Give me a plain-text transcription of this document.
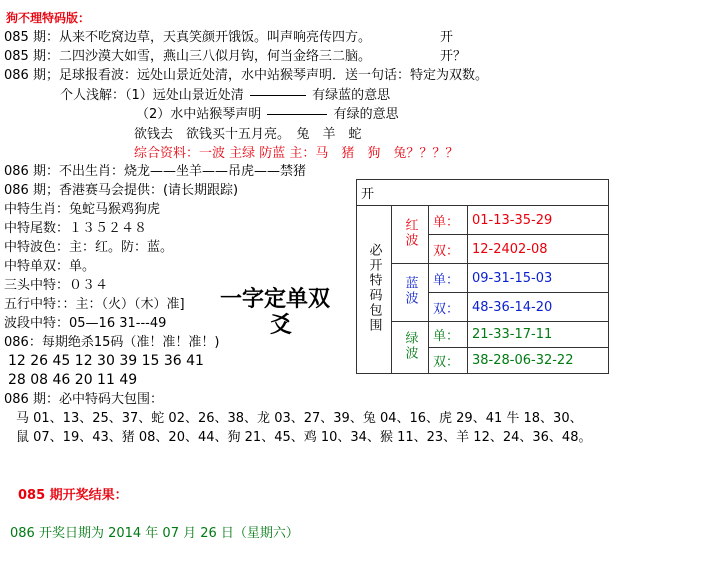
狗不理特码版：
085 期：从来不吃窝边草，天真笑颜开饿饭。叫声响亮传四方。	开
085 期：二四沙漠大如雪，燕山三八似月钩，何当金络三二脑。	开？
086 期；足球报看波：远处山景近处清，水中站猴琴声明．送一句话：特定为双数。
个人浅解：（1）远处山景近处清	有绿蓝的意思
（2）水中站猴琴声明	有绿的意思
欲钱去　欲钱买十五月亮。　兔　羊　蛇
综合资料：一波 主绿 防蓝 主：马　猪　狗　兔？？？？
086 期：不出生肖：烧龙——坐羊——吊虎——禁猪
086 期；香港赛马会提供：(请长期跟踪)
中特生肖：兔蛇马猴鸡狗虎
中特尾数：１３５２４８
中特波色：主：红。防：蓝。
中特单双：单。
三头中特：０３４
五行中特：：主：（火）（木）准]
波段中特：05—16 31---49
一字定单双
爻
086：每期绝杀15码（准！准！准！)
12 26 45 12 30 39 15 36 41
28 08 46 20 11 49
086 期：必中特码大包围：
马 01、13、25、37、蛇 02、26、38、龙 03、27、39、兔 04、16、虎 29、41 牛 18、30、
鼠 07、19、43、猪 08、20、44、狗 21、45、鸡 10、34、猴 11、23、羊 12、24、36、48。
085 期开奖结果：
086 开奖日期为 2014 年 07 月 26 日（星期六）
开			
必开特码包围	红波	单：	01-13-35-29
		双：	12-2402-08
	蓝波	单：	09-31-15-03
		双：	48-36-14-20
	绿波	单：	21-33-17-11
		双：	38-28-06-32-22
